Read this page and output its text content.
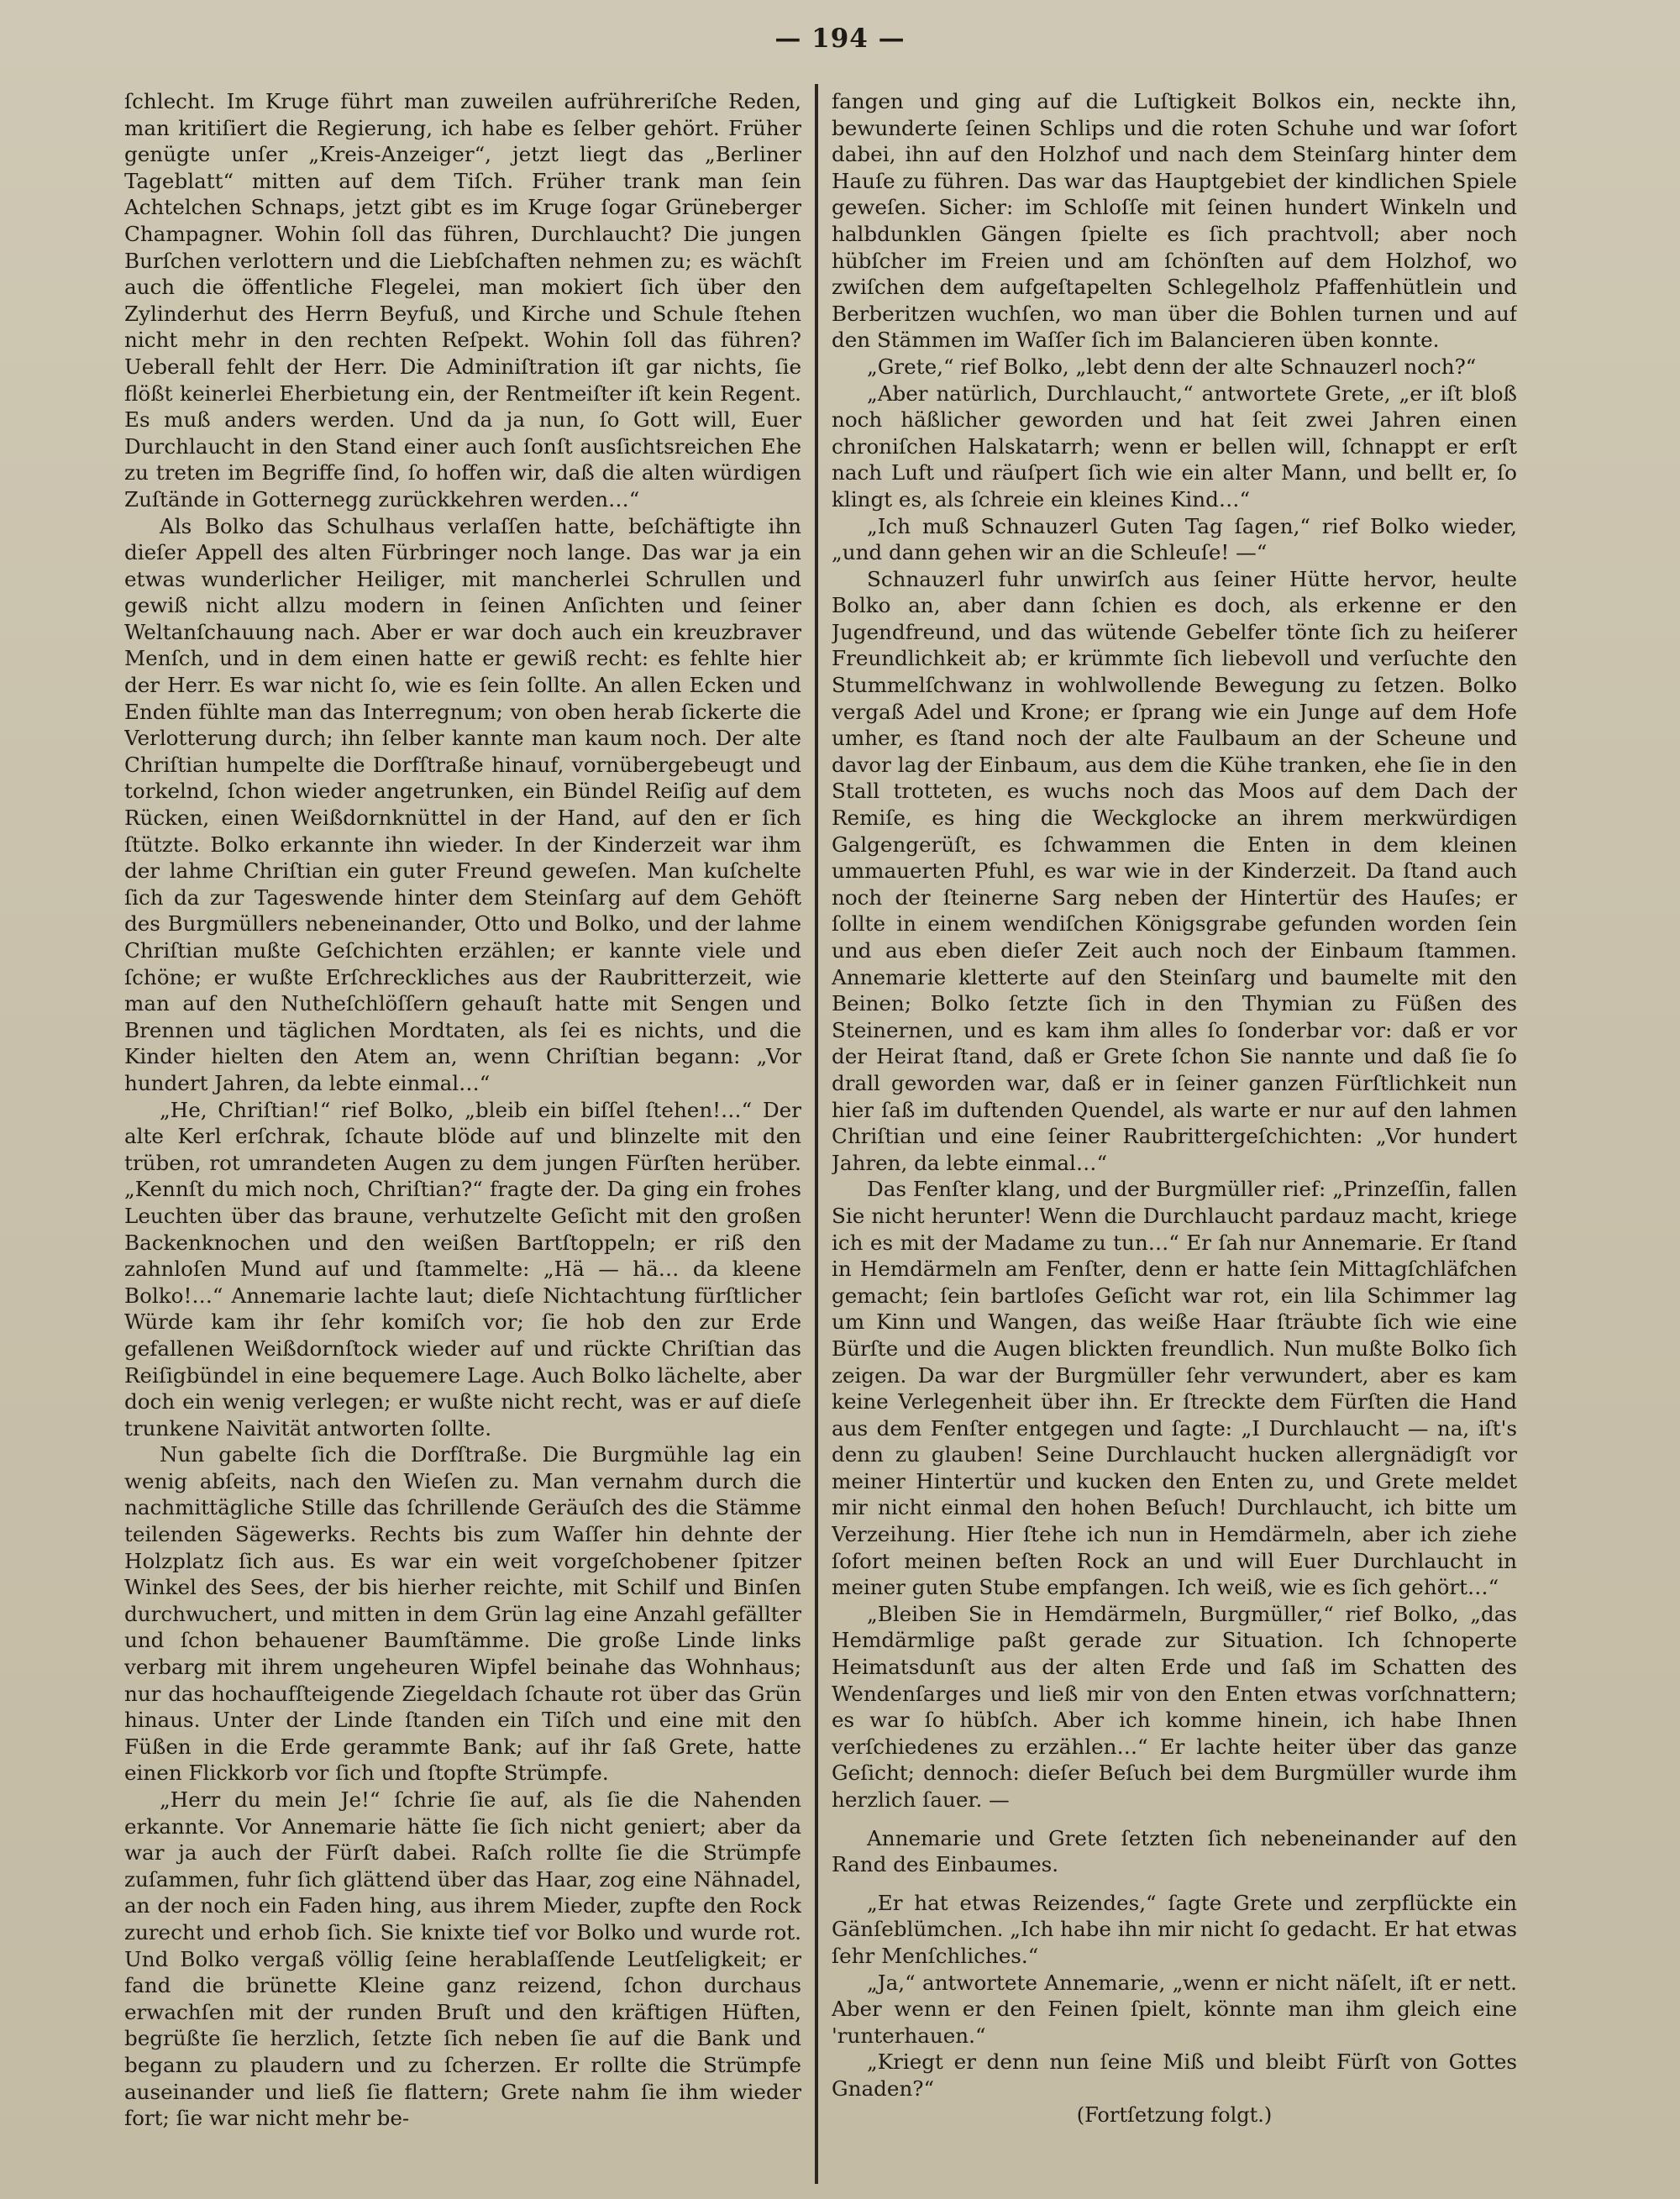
— 194 —

ſchlecht. Im Kruge führt man zuweilen aufrühreriſche Reden, man kritiſiert die Regierung, ich habe es ſelber gehört. Früher genügte unſer „Kreis-Anzeiger“, jetzt liegt das „Berliner Tageblatt“ mitten auf dem Tiſch. Früher trank man ſein Achtelchen Schnaps, jetzt gibt es im Kruge ſogar Grüneberger Champagner. Wohin ſoll das führen, Durchlaucht? Die jungen Burſchen verlottern und die Liebſchaften nehmen zu; es wächſt auch die öffentliche Flegelei, man mokiert ſich über den Zylinderhut des Herrn Beyfuß, und Kirche und Schule ſtehen nicht mehr in den rechten Reſpekt. Wohin ſoll das führen? Ueberall fehlt der Herr. Die Adminiſtration iſt gar nichts, ſie flößt keinerlei Eherbietung ein, der Rentmeiſter iſt kein Regent. Es muß anders werden. Und da ja nun, ſo Gott will, Euer Durchlaucht in den Stand einer auch ſonſt ausſichtsreichen Ehe zu treten im Begriffe ſind, ſo hoffen wir, daß die alten würdigen Zuſtände in Gotternegg zurückkehren werden…“

Als Bolko das Schulhaus verlaſſen hatte, beſchäftigte ihn dieſer Appell des alten Fürbringer noch lange. Das war ja ein etwas wunderlicher Heiliger, mit mancherlei Schrullen und gewiß nicht allzu modern in ſeinen Anſichten und ſeiner Weltanſchauung nach. Aber er war doch auch ein kreuzbraver Menſch, und in dem einen hatte er gewiß recht: es fehlte hier der Herr. Es war nicht ſo, wie es ſein ſollte. An allen Ecken und Enden fühlte man das Interregnum; von oben herab ſickerte die Verlotterung durch; ihn ſelber kannte man kaum noch. Der alte Chriſtian humpelte die Dorfſtraße hinauf, vornübergebeugt und torkelnd, ſchon wieder angetrunken, ein Bündel Reiſig auf dem Rücken, einen Weißdornknüttel in der Hand, auf den er ſich ſtützte. Bolko erkannte ihn wieder. In der Kinderzeit war ihm der lahme Chriſtian ein guter Freund geweſen. Man kuſchelte ſich da zur Tageswende hinter dem Steinſarg auf dem Gehöft des Burgmüllers nebeneinander, Otto und Bolko, und der lahme Chriſtian mußte Geſchichten erzählen; er kannte viele und ſchöne; er wußte Erſchreckliches aus der Raubritterzeit, wie man auf den Nutheſchlöſſern gehauſt hatte mit Sengen und Brennen und täglichen Mordtaten, als ſei es nichts, und die Kinder hielten den Atem an, wenn Chriſtian begann: „Vor hundert Jahren, da lebte einmal…“

„He, Chriſtian!“ rief Bolko, „bleib ein biſſel ſtehen!…“ Der alte Kerl erſchrak, ſchaute blöde auf und blinzelte mit den trüben, rot umrandeten Augen zu dem jungen Fürſten herüber. „Kennſt du mich noch, Chriſtian?“ fragte der. Da ging ein frohes Leuchten über das braune, verhutzelte Geſicht mit den großen Backenknochen und den weißen Bartſtoppeln; er riß den zahnloſen Mund auf und ſtammelte: „Hä — hä… da kleene Bolko!…“ Annemarie lachte laut; dieſe Nichtachtung fürſtlicher Würde kam ihr ſehr komiſch vor; ſie hob den zur Erde gefallenen Weißdornſtock wieder auf und rückte Chriſtian das Reiſigbündel in eine bequemere Lage. Auch Bolko lächelte, aber doch ein wenig verlegen; er wußte nicht recht, was er auf dieſe trunkene Naivität antworten ſollte.

Nun gabelte ſich die Dorfſtraße. Die Burgmühle lag ein wenig abſeits, nach den Wieſen zu. Man vernahm durch die nachmittägliche Stille das ſchrillende Geräuſch des die Stämme teilenden Sägewerks. Rechts bis zum Waſſer hin dehnte der Holzplatz ſich aus. Es war ein weit vorgeſchobener ſpitzer Winkel des Sees, der bis hierher reichte, mit Schilf und Binſen durchwuchert, und mitten in dem Grün lag eine Anzahl gefällter und ſchon behauener Baumſtämme. Die große Linde links verbarg mit ihrem ungeheuren Wipfel beinahe das Wohnhaus; nur das hochaufſteigende Ziegeldach ſchaute rot über das Grün hinaus. Unter der Linde ſtanden ein Tiſch und eine mit den Füßen in die Erde gerammte Bank; auf ihr ſaß Grete, hatte einen Flickkorb vor ſich und ſtopfte Strümpfe.

„Herr du mein Je!“ ſchrie ſie auf, als ſie die Nahenden erkannte. Vor Annemarie hätte ſie ſich nicht geniert; aber da war ja auch der Fürſt dabei. Raſch rollte ſie die Strümpfe zuſammen, fuhr ſich glättend über das Haar, zog eine Nähnadel, an der noch ein Faden hing, aus ihrem Mieder, zupfte den Rock zurecht und erhob ſich. Sie knixte tief vor Bolko und wurde rot. Und Bolko vergaß völlig ſeine herablaſſende Leutſeligkeit; er fand die brünette Kleine ganz reizend, ſchon durchaus erwachſen mit der runden Bruſt und den kräftigen Hüften, begrüßte ſie herzlich, ſetzte ſich neben ſie auf die Bank und begann zu plaudern und zu ſcherzen. Er rollte die Strümpfe auseinander und ließ ſie flattern; Grete nahm ſie ihm wieder fort; ſie war nicht mehr be-

fangen und ging auf die Luſtigkeit Bolkos ein, neckte ihn, bewunderte ſeinen Schlips und die roten Schuhe und war ſofort dabei, ihn auf den Holzhof und nach dem Steinſarg hinter dem Hauſe zu führen. Das war das Hauptgebiet der kindlichen Spiele geweſen. Sicher: im Schloſſe mit ſeinen hundert Winkeln und halbdunklen Gängen ſpielte es ſich prachtvoll; aber noch hübſcher im Freien und am ſchönſten auf dem Holzhof, wo zwiſchen dem aufgeſtapelten Schlegelholz Pfaffenhütlein und Berberitzen wuchſen, wo man über die Bohlen turnen und auf den Stämmen im Waſſer ſich im Balancieren üben konnte.

„Grete,“ rief Bolko, „lebt denn der alte Schnauzerl noch?“

„Aber natürlich, Durchlaucht,“ antwortete Grete, „er iſt bloß noch häßlicher geworden und hat ſeit zwei Jahren einen chroniſchen Halskatarrh; wenn er bellen will, ſchnappt er erſt nach Luft und räuſpert ſich wie ein alter Mann, und bellt er, ſo klingt es, als ſchreie ein kleines Kind…“

„Ich muß Schnauzerl Guten Tag ſagen,“ rief Bolko wieder, „und dann gehen wir an die Schleuſe! —“

Schnauzerl fuhr unwirſch aus ſeiner Hütte hervor, heulte Bolko an, aber dann ſchien es doch, als erkenne er den Jugendfreund, und das wütende Gebelfer tönte ſich zu heiſerer Freundlichkeit ab; er krümmte ſich liebevoll und verſuchte den Stummelſchwanz in wohlwollende Bewegung zu ſetzen. Bolko vergaß Adel und Krone; er ſprang wie ein Junge auf dem Hofe umher, es ſtand noch der alte Faulbaum an der Scheune und davor lag der Einbaum, aus dem die Kühe tranken, ehe ſie in den Stall trotteten, es wuchs noch das Moos auf dem Dach der Remiſe, es hing die Weckglocke an ihrem merkwürdigen Galgengerüſt, es ſchwammen die Enten in dem kleinen ummauerten Pfuhl, es war wie in der Kinderzeit. Da ſtand auch noch der ſteinerne Sarg neben der Hintertür des Hauſes; er ſollte in einem wendiſchen Königsgrabe gefunden worden ſein und aus eben dieſer Zeit auch noch der Einbaum ſtammen. Annemarie kletterte auf den Steinſarg und baumelte mit den Beinen; Bolko ſetzte ſich in den Thymian zu Füßen des Steinernen, und es kam ihm alles ſo ſonderbar vor: daß er vor der Heirat ſtand, daß er Grete ſchon Sie nannte und daß ſie ſo drall geworden war, daß er in ſeiner ganzen Fürſtlichkeit nun hier ſaß im duftenden Quendel, als warte er nur auf den lahmen Chriſtian und eine ſeiner Raubrittergeſchichten: „Vor hundert Jahren, da lebte einmal…“

Das Fenſter klang, und der Burgmüller rief: „Prinzeſſin, fallen Sie nicht herunter! Wenn die Durchlaucht pardauz macht, kriege ich es mit der Madame zu tun…“ Er ſah nur Annemarie. Er ſtand in Hemdärmeln am Fenſter, denn er hatte ſein Mittagſchläfchen gemacht; ſein bartloſes Geſicht war rot, ein lila Schimmer lag um Kinn und Wangen, das weiße Haar ſträubte ſich wie eine Bürſte und die Augen blickten freundlich. Nun mußte Bolko ſich zeigen. Da war der Burgmüller ſehr verwundert, aber es kam keine Verlegenheit über ihn. Er ſtreckte dem Fürſten die Hand aus dem Fenſter entgegen und ſagte: „I Durchlaucht — na, iſt's denn zu glauben! Seine Durchlaucht hucken allergnädigſt vor meiner Hintertür und kucken den Enten zu, und Grete meldet mir nicht einmal den hohen Beſuch! Durchlaucht, ich bitte um Verzeihung. Hier ſtehe ich nun in Hemdärmeln, aber ich ziehe ſofort meinen beſten Rock an und will Euer Durchlaucht in meiner guten Stube empfangen. Ich weiß, wie es ſich gehört…“

„Bleiben Sie in Hemdärmeln, Burgmüller,“ rief Bolko, „das Hemdärmlige paßt gerade zur Situation. Ich ſchnoperte Heimatsdunſt aus der alten Erde und ſaß im Schatten des Wendenſarges und ließ mir von den Enten etwas vorſchnattern; es war ſo hübſch. Aber ich komme hinein, ich habe Ihnen verſchiedenes zu erzählen…“ Er lachte heiter über das ganze Geſicht; dennoch: dieſer Beſuch bei dem Burgmüller wurde ihm herzlich ſauer. —

Annemarie und Grete ſetzten ſich nebeneinander auf den Rand des Einbaumes.

„Er hat etwas Reizendes,“ ſagte Grete und zerpflückte ein Gänſeblümchen. „Ich habe ihn mir nicht ſo gedacht. Er hat etwas ſehr Menſchliches.“

„Ja,“ antwortete Annemarie, „wenn er nicht näſelt, iſt er nett. Aber wenn er den Feinen ſpielt, könnte man ihm gleich eine 'runterhauen.“

„Kriegt er denn nun ſeine Miß und bleibt Fürſt von Gottes Gnaden?“

(Fortſetzung folgt.)
